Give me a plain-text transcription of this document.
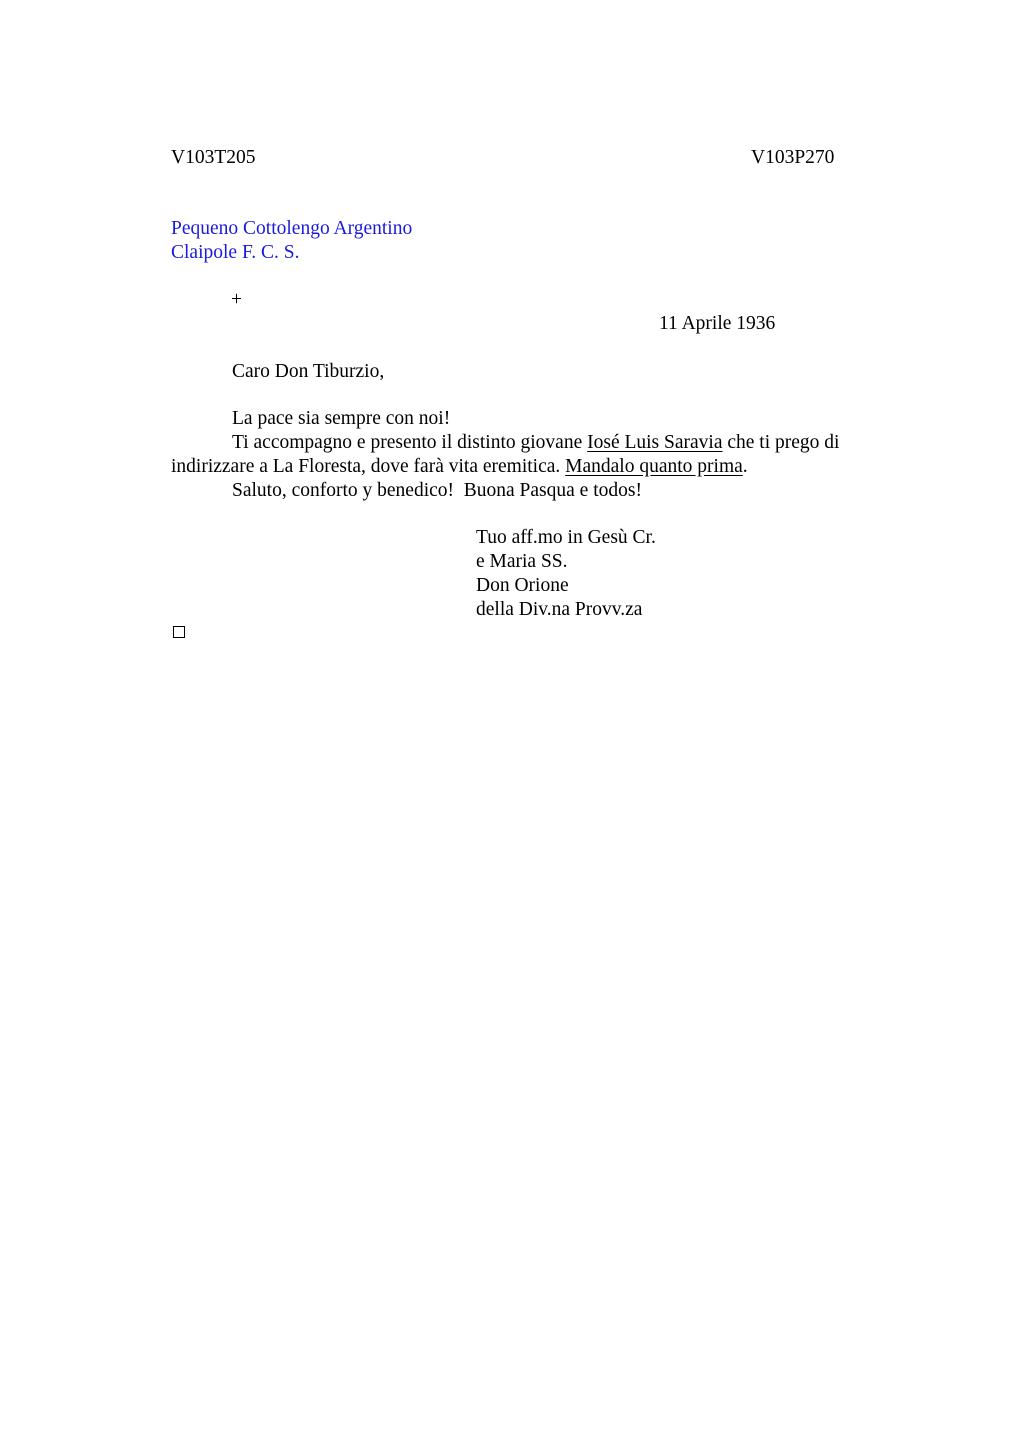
V103T205	V103P270
Pequeno Cottolengo Argentino
Claipole F. C. S.
+
11 Aprile 1936
Caro Don Tiburzio,
La pace sia sempre con noi!
Ti accompagno e presento il distinto giovane Iosé Luis Saravia che ti prego di
indirizzare a La Floresta, dove farà vita eremitica. Mandalo quanto prima.
Saluto, conforto y benedico!  Buona Pasqua e todos!
Tuo aff.mo in Gesù Cr.
e Maria SS.
Don Orione
della Div.na Provv.za
